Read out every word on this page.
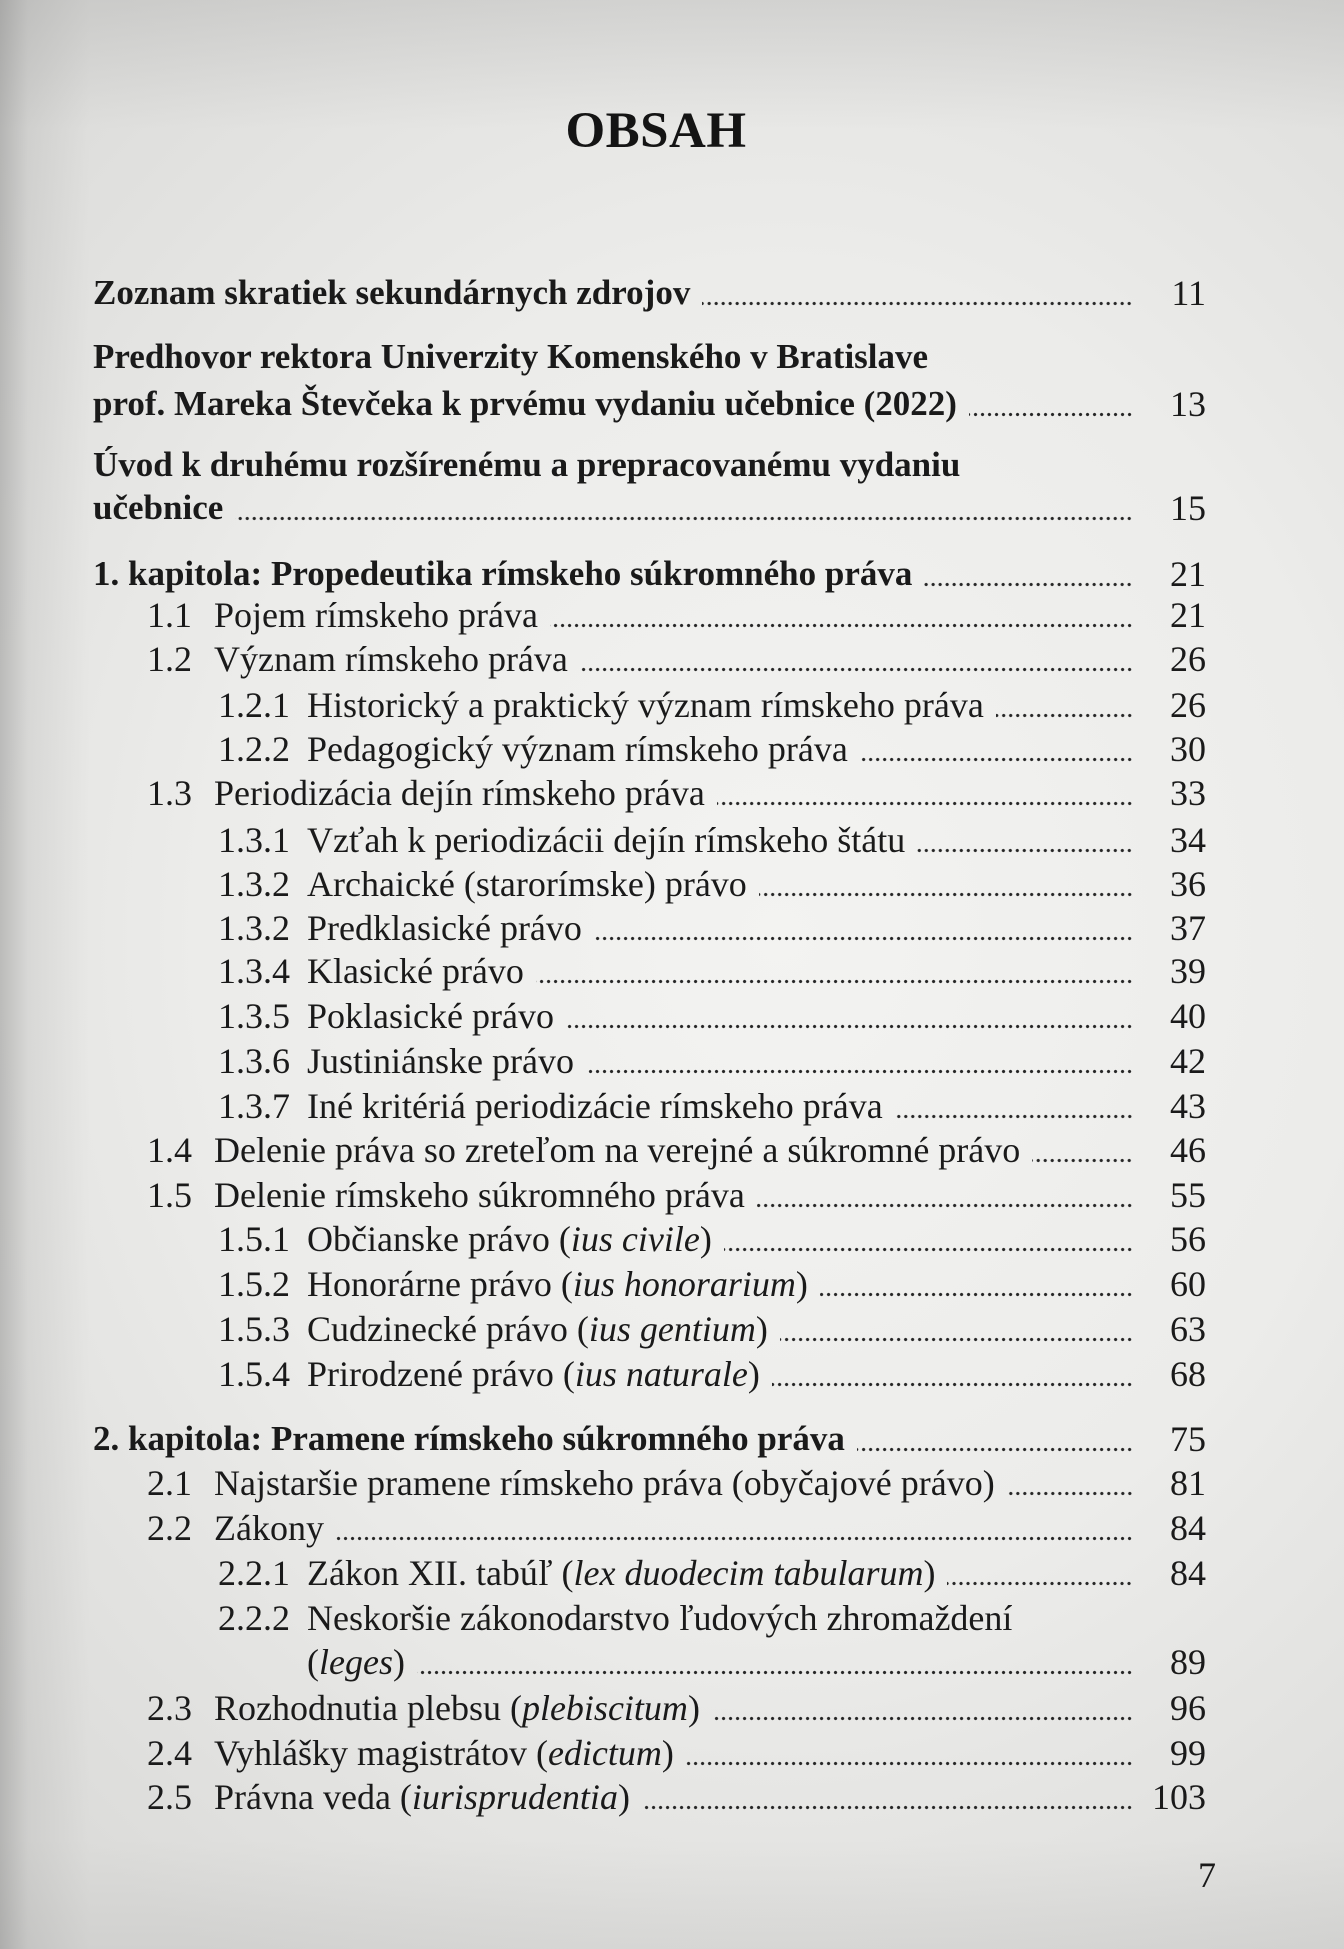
OBSAH
Zoznam skratiek sekundárnych zdrojov	11
Predhovor rektora Univerzity Komenského v Bratislave
prof. Mareka Števčeka k prvému vydaniu učebnice (2022)	13
Úvod k druhému rozšírenému a prepracovanému vydaniu
učebnice	15
1. kapitola: Propedeutika rímskeho súkromného práva	21
1.1 Pojem rímskeho práva	21
1.2 Význam rímskeho práva	26
1.2.1 Historický a praktický význam rímskeho práva	26
1.2.2 Pedagogický význam rímskeho práva	30
1.3 Periodizácia dejín rímskeho práva	33
1.3.1 Vzťah k periodizácii dejín rímskeho štátu	34
1.3.2 Archaické (starorímske) právo	36
1.3.2 Predklasické právo	37
1.3.4 Klasické právo	39
1.3.5 Poklasické právo	40
1.3.6 Justiniánske právo	42
1.3.7 Iné kritériá periodizácie rímskeho práva	43
1.4 Delenie práva so zreteľom na verejné a súkromné právo	46
1.5 Delenie rímskeho súkromného práva	55
1.5.1 Občianske právo (ius civile)	56
1.5.2 Honorárne právo (ius honorarium)	60
1.5.3 Cudzinecké právo (ius gentium)	63
1.5.4 Prirodzené právo (ius naturale)	68
2. kapitola: Pramene rímskeho súkromného práva	75
2.1 Najstaršie pramene rímskeho práva (obyčajové právo)	81
2.2 Zákony	84
2.2.1 Zákon XII. tabúľ (lex duodecim tabularum)	84
2.2.2 Neskoršie zákonodarstvo ľudových zhromaždení
(leges)	89
2.3 Rozhodnutia plebsu (plebiscitum)	96
2.4 Vyhlášky magistrátov (edictum)	99
2.5 Právna veda (iurisprudentia)	103
7
